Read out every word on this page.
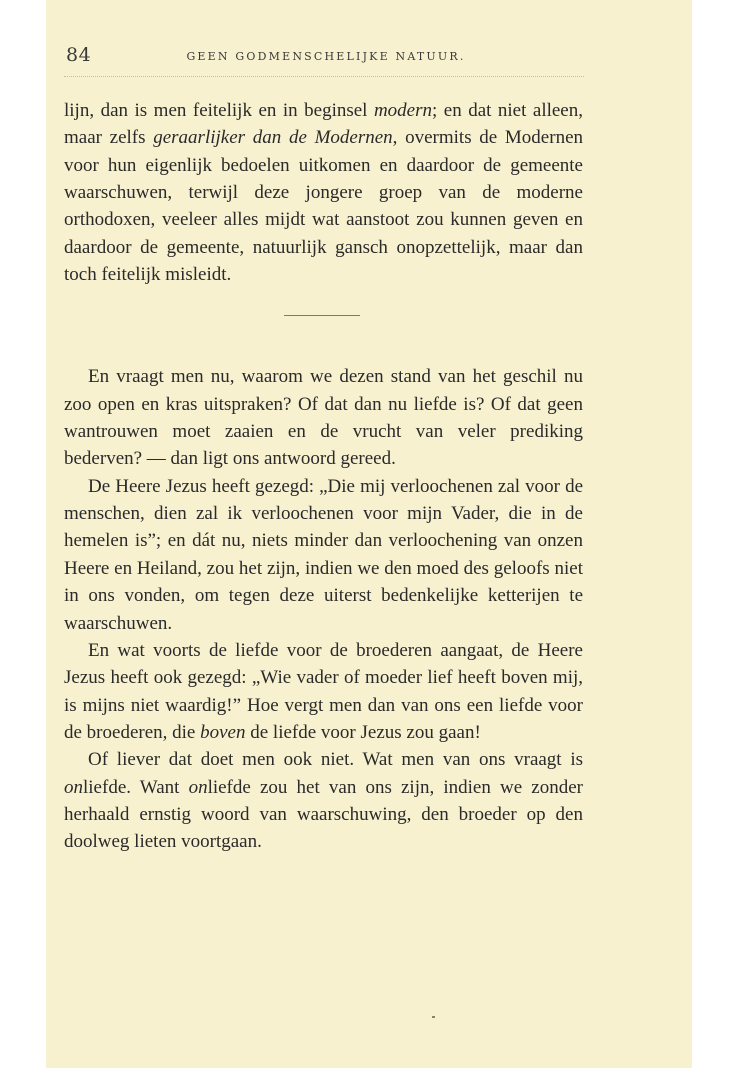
84	GEEN GODMENSCHELIJKE NATUUR.

lijn, dan is men feitelijk en in beginsel modern; en dat niet alleen, maar zelfs geraarlijker dan de Modernen, overmits de Modernen voor hun eigenlijk bedoelen uitkomen en daardoor de gemeente waarschuwen, terwijl deze jongere groep van de moderne orthodoxen, veeleer alles mijdt wat aanstoot zou kunnen geven en daardoor de gemeente, natuurlijk gansch onopzettelijk, maar dan toch feitelijk misleidt.

En vraagt men nu, waarom we dezen stand van het geschil nu zoo open en kras uitspraken? Of dat dan nu liefde is? Of dat geen wantrouwen moet zaaien en de vrucht van veler prediking bederven? — dan ligt ons antwoord gereed.

De Heere Jezus heeft gezegd: „Die mij verloochenen zal voor de menschen, dien zal ik verloochenen voor mijn Vader, die in de hemelen is”; en dát nu, niets minder dan verloochening van onzen Heere en Heiland, zou het zijn, indien we den moed des geloofs niet in ons vonden, om tegen deze uiterst bedenkelijke ketterijen te waarschuwen.

En wat voorts de liefde voor de broederen aangaat, de Heere Jezus heeft ook gezegd: „Wie vader of moeder lief heeft boven mij, is mijns niet waardig!” Hoe vergt men dan van ons een liefde voor de broederen, die boven de liefde voor Jezus zou gaan!

Of liever dat doet men ook niet. Wat men van ons vraagt is onliefde. Want onliefde zou het van ons zijn, indien we zonder herhaald ernstig woord van waarschuwing, den broeder op den doolweg lieten voortgaan.
